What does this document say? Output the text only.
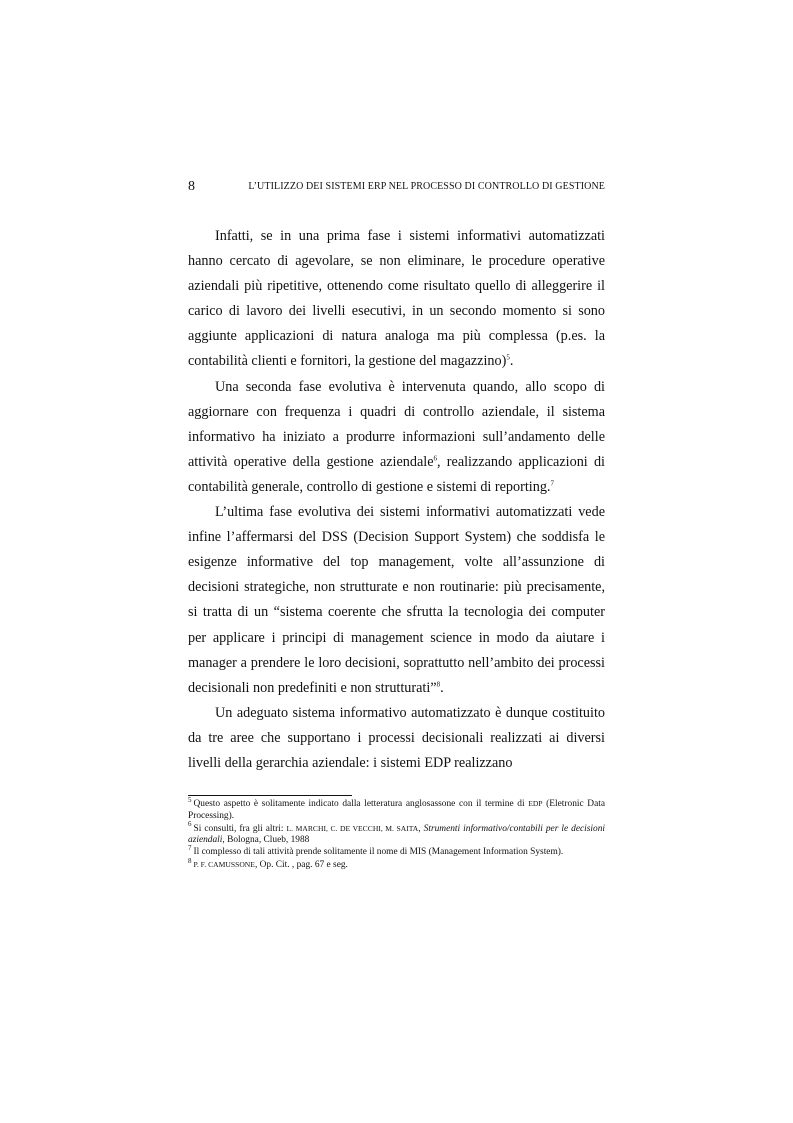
8	L’UTILIZZO DEI SISTEMI ERP NEL PROCESSO DI CONTROLLO DI GESTIONE

Infatti, se in una prima fase i sistemi informativi automatizzati hanno cercato di agevolare, se non eliminare, le procedure operative aziendali più ripetitive, ottenendo come risultato quello di alleggerire il carico di lavoro dei livelli esecutivi, in un secondo momento si sono aggiunte applicazioni di natura analoga ma più complessa (p.es. la contabilità clienti e fornitori, la gestione del magazzino)$^5$.

Una seconda fase evolutiva è intervenuta quando, allo scopo di aggiornare con frequenza i quadri di controllo aziendale, il sistema informativo ha iniziato a produrre informazioni sull’andamento delle attività operative della gestione aziendale$^6$, realizzando applicazioni di contabilità generale, controllo di gestione e sistemi di reporting.$^7$

L’ultima fase evolutiva dei sistemi informativi automatizzati vede infine l’affermarsi del DSS (Decision Support System) che soddisfa le esigenze informative del top management, volte all’assunzione di decisioni strategiche, non strutturate e non routinarie: più precisamente, si tratta di un “sistema coerente che sfrutta la tecnologia dei computer per applicare i principi di management science in modo da aiutare i manager a prendere le loro decisioni, soprattutto nell’ambito dei processi decisionali non predefiniti e non strutturati”$^8$.

Un adeguato sistema informativo automatizzato è dunque costituito da tre aree che supportano i processi decisionali realizzati ai diversi livelli della gerarchia aziendale: i sistemi EDP realizzano

$^5$ Questo aspetto è solitamente indicato dalla letteratura anglosassone con il termine di EDP (Eletronic Data Processing).

$^6$ Si consulti, fra gli altri: L. MARCHI, C. DE VECCHI, M. SAITA, Strumenti informativo/contabili per le decisioni aziendali, Bologna, Clueb, 1988

$^7$ Il complesso di tali attività prende solitamente il nome di MIS (Management Information System).

$^8$ P. F. CAMUSSONE, Op. Cit. , pag. 67 e seg.
